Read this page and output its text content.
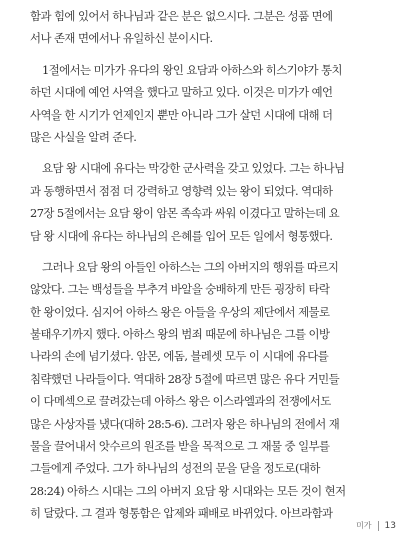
함과 힘에 있어서 하나님과 같은 분은 없으시다. 그분은 성품 면에
서나 존재 면에서나 유일하신 분이시다.
1절에서는 미가가 유다의 왕인 요담과 아하스와 히스기야가 통치
하던 시대에 예언 사역을 했다고 말하고 있다. 이것은 미가가 예언
사역을 한 시기가 언제인지 뿐만 아니라 그가 살던 시대에 대해 더
많은 사실을 알려 준다.
요담 왕 시대에 유다는 막강한 군사력을 갖고 있었다. 그는 하나님
과 동행하면서 점점 더 강력하고 영향력 있는 왕이 되었다. 역대하
27장 5절에서는 요담 왕이 암몬 족속과 싸워 이겼다고 말하는데 요
담 왕 시대에 유다는 하나님의 은혜를 입어 모든 일에서 형통했다.
그러나 요담 왕의 아들인 아하스는 그의 아버지의 행위를 따르지
않았다. 그는 백성들을 부추겨 바알을 숭배하게 만든 굉장히 타락
한 왕이었다. 심지어 아하스 왕은 아들을 우상의 제단에서 제물로
불태우기까지 했다. 아하스 왕의 범죄 때문에 하나님은 그를 이방
나라의 손에 넘기셨다. 암몬, 에돔, 블레셋 모두 이 시대에 유다를
침략했던 나라들이다. 역대하 28장 5절에 따르면 많은 유다 거민들
이 다메섹으로 끌려갔는데 아하스 왕은 이스라엘과의 전쟁에서도
많은 사상자를 냈다(대하 28:5-6). 그러자 왕은 하나님의 전에서 재
물을 끌어내서 앗수르의 원조를 받을 목적으로 그 재물 중 일부를
그들에게 주었다. 그가 하나님의 성전의 문을 닫을 정도로(대하
28:24) 아하스 시대는 그의 아버지 요담 왕 시대와는 모든 것이 현저
히 달랐다. 그 결과 형통함은 압제와 패배로 바뀌었다. 아브라함과
미가 13
